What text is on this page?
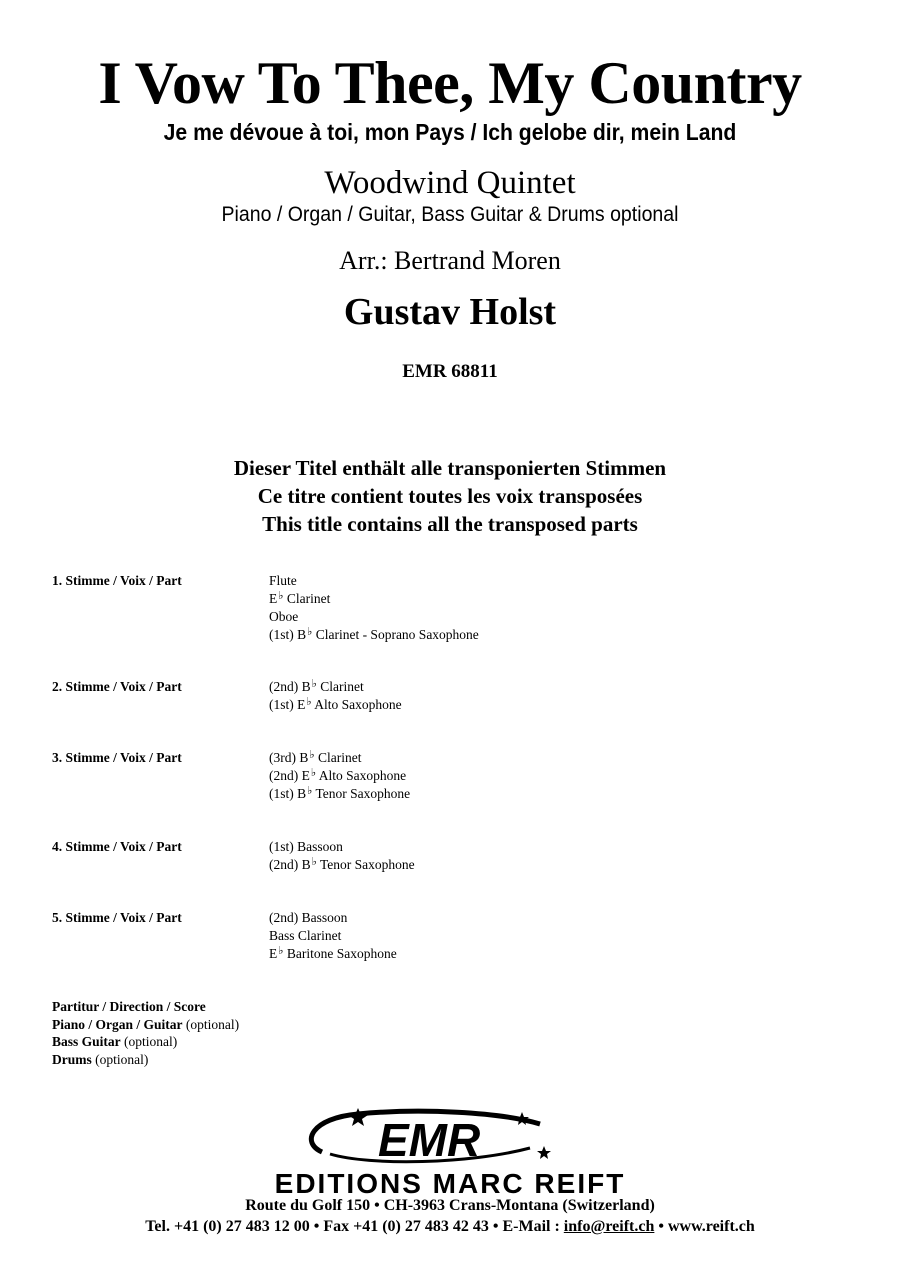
I Vow To Thee, My Country
Je me dévoue à toi, mon Pays / Ich gelobe dir, mein Land
Woodwind Quintet
Piano / Organ / Guitar, Bass Guitar & Drums optional
Arr.: Bertrand Moren
Gustav Holst
EMR 68811
Dieser Titel enthält alle transponierten Stimmen
Ce titre contient toutes les voix transposées
This title contains all the transposed parts
1. Stimme / Voix / Part	Flute
E♭ Clarinet
Oboe
(1st) B♭ Clarinet - Soprano Saxophone
2. Stimme / Voix / Part	(2nd) B♭ Clarinet
(1st) E♭ Alto Saxophone
3. Stimme / Voix / Part	(3rd) B♭ Clarinet
(2nd) E♭ Alto Saxophone
(1st) B♭ Tenor Saxophone
4. Stimme / Voix / Part	(1st) Bassoon
(2nd) B♭ Tenor Saxophone
5. Stimme / Voix / Part	(2nd) Bassoon
Bass Clarinet
E♭ Baritone Saxophone
Partitur / Direction / Score
Piano / Organ / Guitar (optional)
Bass Guitar (optional)
Drums (optional)
EMR
EDITIONS MARC REIFT
Route du Golf 150 • CH-3963 Crans-Montana (Switzerland)
Tel. +41 (0) 27 483 12 00 • Fax +41 (0) 27 483 42 43 • E-Mail : info@reift.ch • www.reift.ch
